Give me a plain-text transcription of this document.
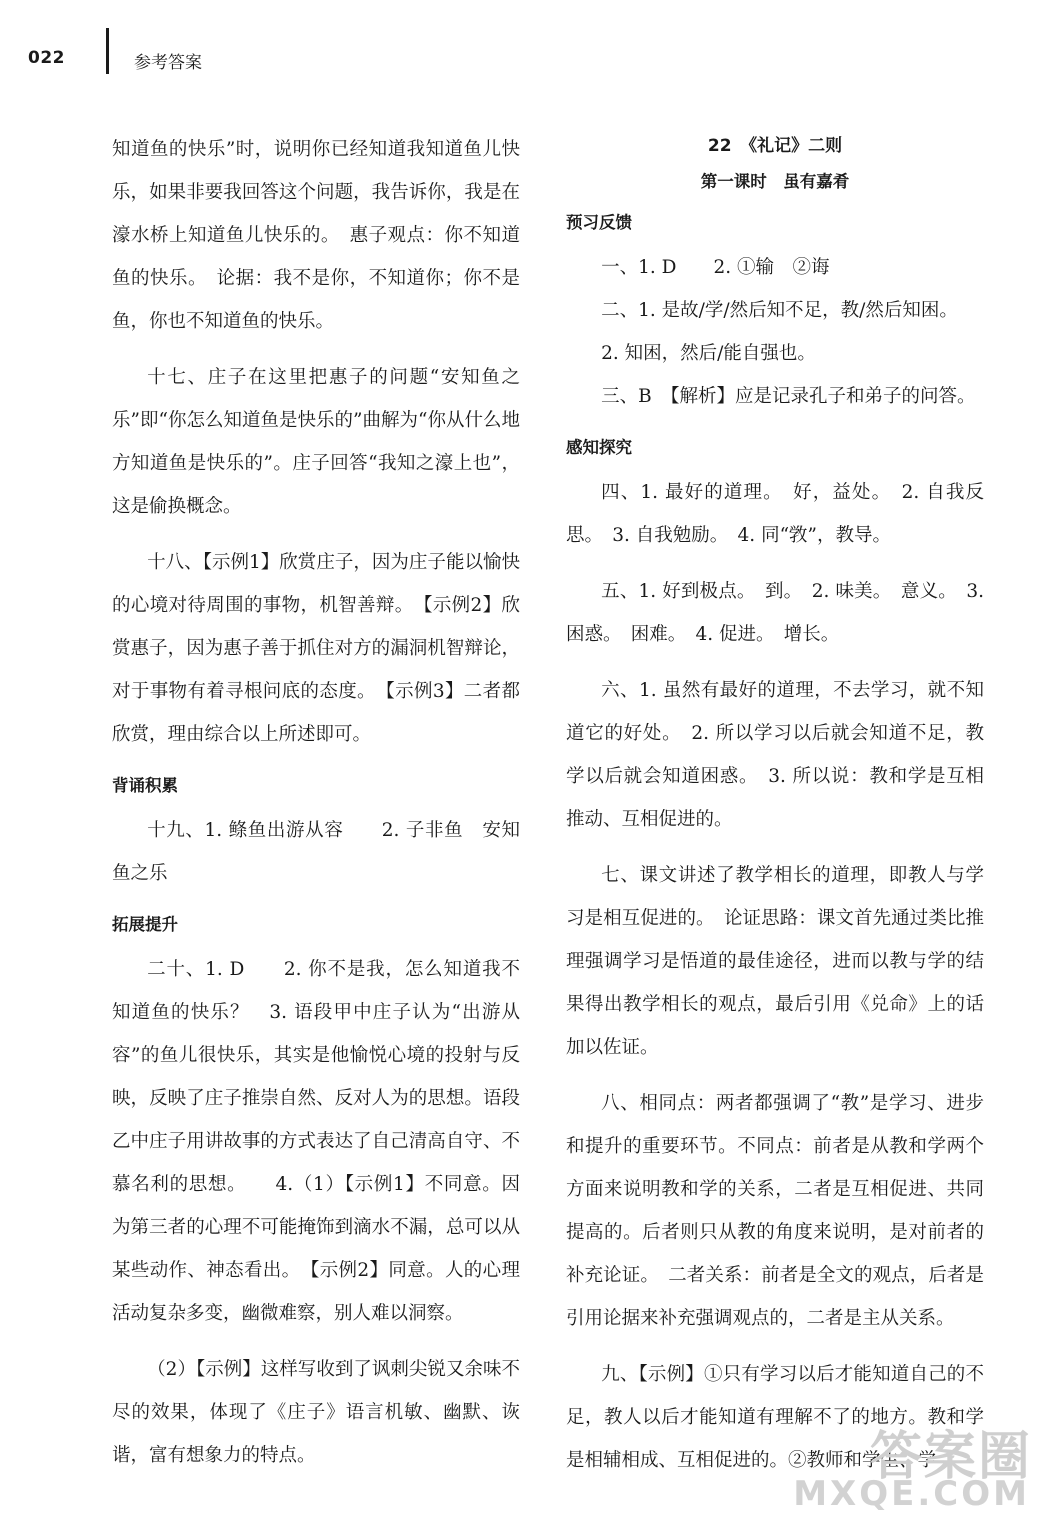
022	参考答案

知道鱼的快乐”时，说明你已经知道我知道鱼儿快乐，如果非要我回答这个问题，我告诉你，我是在濠水桥上知道鱼儿快乐的。　惠子观点：你不知道鱼的快乐。　论据：我不是你，不知道你；你不是鱼，你也不知道鱼的快乐。

十七、庄子在这里把惠子的问题“安知鱼之乐”即“你怎么知道鱼是快乐的”曲解为“你从什么地方知道鱼是快乐的”。庄子回答“我知之濠上也”，这是偷换概念。

十八、【示例1】欣赏庄子，因为庄子能以愉快的心境对待周围的事物，机智善辩。　【示例2】欣赏惠子，因为惠子善于抓住对方的漏洞机智辩论，对于事物有着寻根问底的态度。　【示例3】二者都欣赏，理由综合以上所述即可。

背诵积累

十九、1. 鲦鱼出游从容　　2. 子非鱼　安知鱼之乐

拓展提升

二十、1. D　　2. 你不是我，怎么知道我不知道鱼的快乐？　3. 语段甲中庄子认为“出游从容”的鱼儿很快乐，其实是他愉悦心境的投射与反映，反映了庄子推崇自然、反对人为的思想。语段乙中庄子用讲故事的方式表达了自己清高自守、不慕名利的思想。　　4.（1）【示例1】不同意。因为第三者的心理不可能掩饰到滴水不漏，总可以从某些动作、神态看出。　【示例2】同意。人的心理活动复杂多变，幽微难察，别人难以洞察。

（2）【示例】这样写收到了讽刺尖锐又余味不尽的效果，体现了《庄子》语言机敏、幽默、诙谐，富有想象力的特点。

22　《礼记》二则
第一课时　虽有嘉肴
预习反馈

一、1. D　　2. ①输　②诲

二、1. 是故/学/然后知不足，教/然后知困。

2. 知困，然后/能自强也。

三、B　【解析】应是记录孔子和弟子的问答。

感知探究

四、1. 最好的道理。　好，益处。　2. 自我反思。　3. 自我勉励。　4. 同“敩”，教导。

五、1. 好到极点。　到。　2. 味美。　意义。　3. 困惑。　困难。　4. 促进。　增长。

六、1. 虽然有最好的道理，不去学习，就不知道它的好处。　2. 所以学习以后就会知道不足，教学以后就会知道困惑。　3. 所以说：教和学是互相推动、互相促进的。

七、课文讲述了教学相长的道理，即教人与学习是相互促进的。　论证思路：课文首先通过类比推理强调学习是悟道的最佳途径，进而以教与学的结果得出教学相长的观点，最后引用《兑命》上的话加以佐证。

八、相同点：两者都强调了“教”是学习、进步和提升的重要环节。不同点：前者是从教和学两个方面来说明教和学的关系，二者是互相促进、共同提高的。后者则只从教的角度来说明，是对前者的补充论证。　二者关系：前者是全文的观点，后者是引用论据来补充强调观点的，二者是主从关系。

九、【示例】①只有学习以后才能知道自己的不足，教人以后才能知道有理解不了的地方。教和学是相辅相成、互相促进的。②教师和学生、学

答案圈
MXQE.COM
